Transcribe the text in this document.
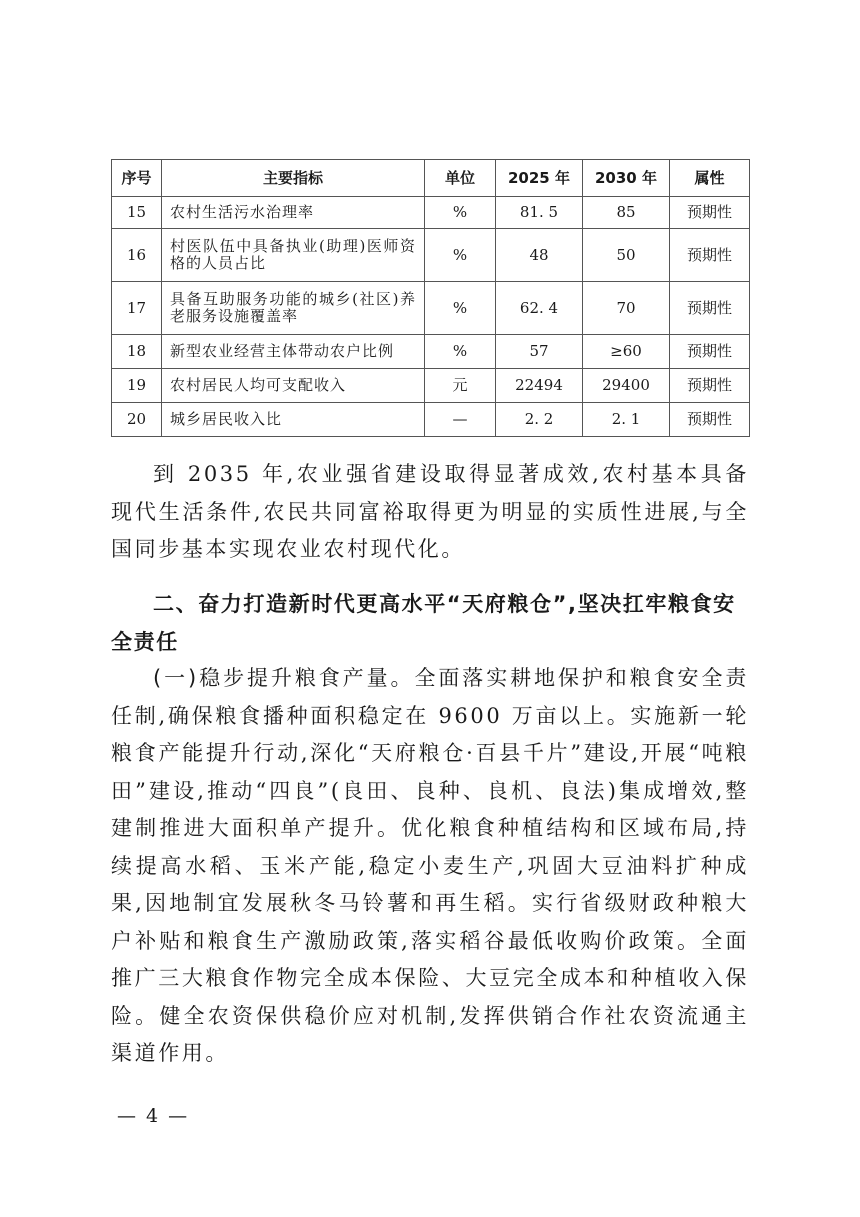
序号	主要指标	单位	2025 年	2030 年	属性
15	农村生活污水治理率	%	81. 5	85	预期性
16	村医队伍中具备执业(助理)医师资格的人员占比	%	48	50	预期性
17	具备互助服务功能的城乡(社区)养老服务设施覆盖率	%	62. 4	70	预期性
18	新型农业经营主体带动农户比例	%	57	≥60	预期性
19	农村居民人均可支配收入	元	22494	29400	预期性
20	城乡居民收入比	—	2. 2	2. 1	预期性

到 2035 年,农业强省建设取得显著成效,农村基本具备现代生活条件,农民共同富裕取得更为明显的实质性进展,与全国同步基本实现农业农村现代化。

二、奋力打造新时代更高水平“天府粮仓”,坚决扛牢粮食安全责任

(一)稳步提升粮食产量。全面落实耕地保护和粮食安全责任制,确保粮食播种面积稳定在 9600 万亩以上。实施新一轮粮食产能提升行动,深化“天府粮仓·百县千片”建设,开展“吨粮田”建设,推动“四良”(良田、良种、良机、良法)集成增效,整建制推进大面积单产提升。优化粮食种植结构和区域布局,持续提高水稻、玉米产能,稳定小麦生产,巩固大豆油料扩种成果,因地制宜发展秋冬马铃薯和再生稻。实行省级财政种粮大户补贴和粮食生产激励政策,落实稻谷最低收购价政策。全面推广三大粮食作物完全成本保险、大豆完全成本和种植收入保险。健全农资保供稳价应对机制,发挥供销合作社农资流通主渠道作用。

— 4 —
